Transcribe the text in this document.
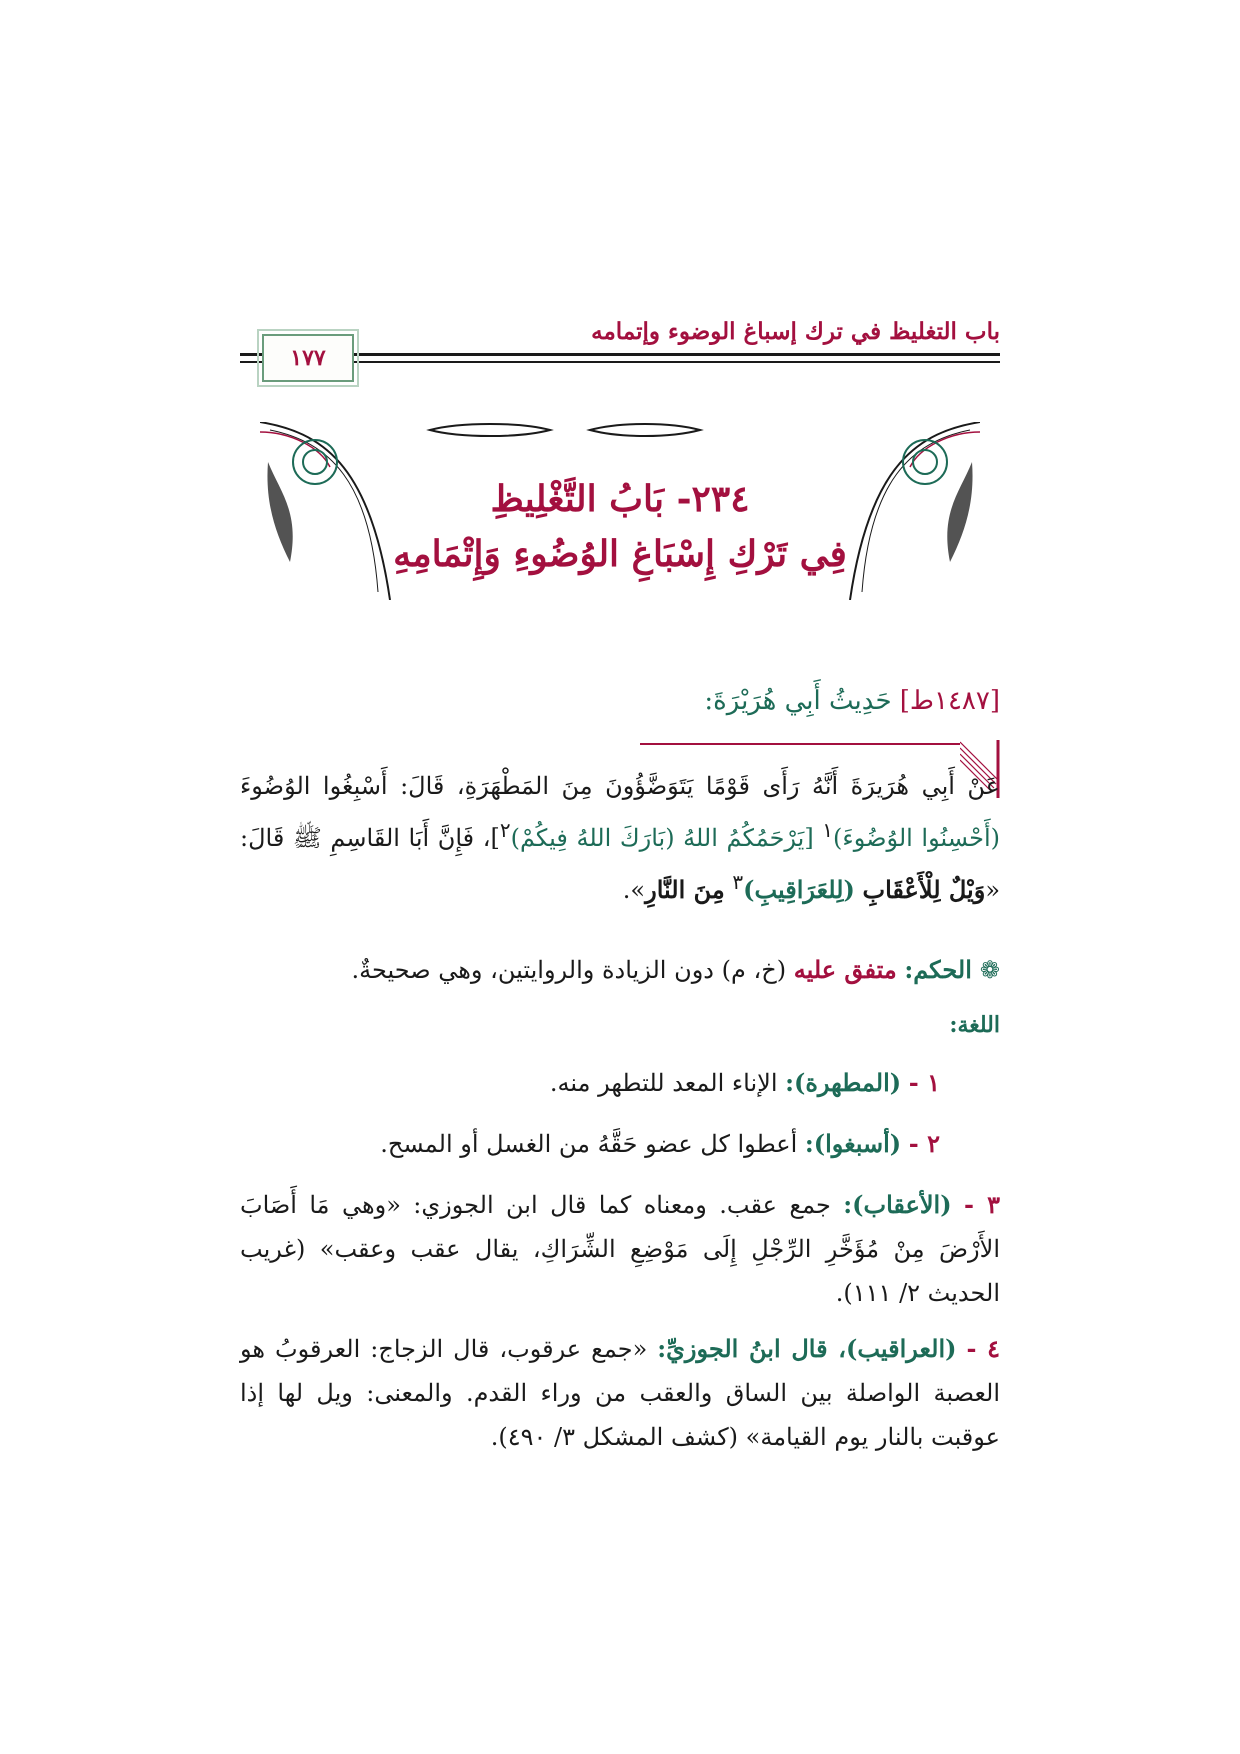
باب التغليظ في ترك إسباغ الوضوء وإتمامه
١٧٧
٢٣٤- بَابُ التَّغْلِيظِ
فِي تَرْكِ إِسْبَاغِ الوُضُوءِ وَإِتْمَامِهِ
[١٤٨٧ط] حَدِيثُ أَبِي هُرَيْرَةَ:
عَنْ أَبِي هُرَيرَةَ أَنَّهُ رَأَى قَوْمًا يَتَوَضَّؤُونَ مِنَ المَطْهَرَةِ، قَالَ: أَسْبِغُوا الوُضُوءَ (أَحْسِنُوا الوُضُوءَ)$^١$ [يَرْحَمُكُمُ اللهُ (بَارَكَ اللهُ فِيكُمْ)$^٢$]، فَإِنَّ أَبَا القَاسِمِ ﷺ قَالَ: «وَيْلٌ لِلْأَعْقَابِ (لِلعَرَاقِيبِ)$^٣$ مِنَ النَّارِ».
❁الحكم: متفق عليه (خ، م) دون الزيادة والروايتين، وهي صحيحةٌ.
اللغة:
١ - (المطهرة): الإناء المعد للتطهر منه.
٢ - (أسبغوا): أعطوا كل عضو حَقَّهُ من الغسل أو المسح.
٣ - (الأعقاب): جمع عقب. ومعناه كما قال ابن الجوزي: «وهي مَا أَصَابَ الأَرْضَ مِنْ مُؤَخَّرِ الرِّجْلِ إِلَى مَوْضِعِ الشِّرَاكِ، يقال عقب وعقب» (غريب الحديث ٢/ ١١١).
٤ - (العراقيب)، قال ابنُ الجوزيِّ: «جمع عرقوب، قال الزجاج: العرقوبُ هو العصبة الواصلة بين الساق والعقب من وراء القدم. والمعنى: ويل لها إذا عوقبت بالنار يوم القيامة» (كشف المشكل ٣/ ٤٩٠).
